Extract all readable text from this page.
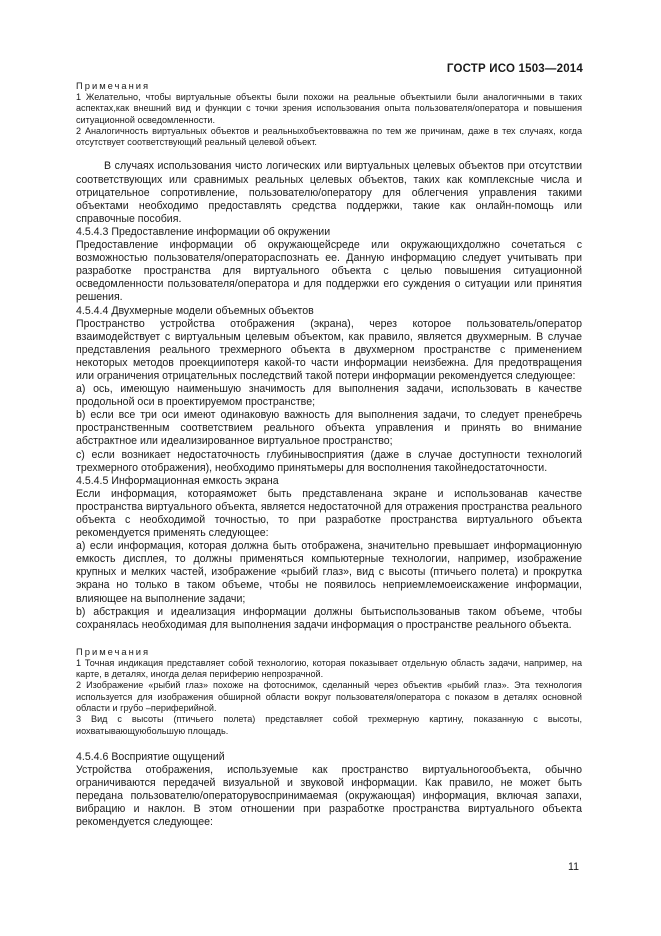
ГОСТР ИСО 1503—2014
Примечания

1 Желательно, чтобы виртуальные объекты были похожи на реальные объектыили были аналогичными в таких аспектах,как внешний вид и функции с точки зрения использования опыта пользователя/оператора и повышения ситуационной осведомленности.

2 Аналогичность виртуальных объектов и реальныхобъектовважна по тем же причинам, даже в тех случаях, когда отсутствует соответствующий реальный целевой объект.

В случаях использования чисто логических или виртуальных целевых объектов при отсутствии соответствующих или сравнимых реальных целевых объектов, таких как комплексные числа и отрицательное сопротивление, пользователю/оператору для облегчения управления такими объектами необходимо предоставлять средства поддержки, такие как онлайн-помощь или справочные пособия.

4.5.4.3 Предоставление информации об окружении

Предоставление информации об окружающейсреде или окружающихдолжно сочетаться с возможностью пользователя/оператораспознать ее. Данную информацию следует учитывать при разработке пространства для виртуального объекта с целью повышения ситуационной осведомленности пользователя/оператора и для поддержки его суждения о ситуации или принятия решения.

4.5.4.4 Двухмерные модели объемных объектов

Пространство устройства отображения (экрана), через которое пользователь/оператор взаимодействует с виртуальным целевым объектом, как правило, является двухмерным. В случае представления реального трехмерного объекта в двухмерном пространстве с применением некоторых методов проекциипотеря какой-то части информации неизбежна. Для предотвращения или ограничения отрицательных последствий такой потери информации рекомендуется следующее:

a) ось, имеющую наименьшую значимость для выполнения задачи, использовать в качестве продольной оси в проектируемом пространстве;

b) если все три оси имеют одинаковую важность для выполнения задачи, то следует пренебречь пространственным соответствием реального объекта управления и принять во внимание абстрактное или идеализированное виртуальное пространство;

c) если возникает недостаточность глубинывосприятия (даже в случае доступности технологий трехмерного отображения), необходимо принятьмеры для восполнения такойнедостаточности.

4.5.4.5 Информационная емкость экрана

Если информация, котораяможет быть представленана экране и использованав качестве пространства виртуального объекта, является недостаточной для отражения пространства реального объекта с необходимой точностью, то при разработке пространства виртуального объекта рекомендуется применять следующее:

a) если информация, которая должна быть отображена, значительно превышает информационную емкость дисплея, то должны применяться компьютерные технологии, например, изображение крупных и мелких частей, изображение «рыбий глаз», вид с высоты (птичьего полета) и прокрутка экрана но только в таком объеме, чтобы не появилось неприемлемоеискажение информации, влияющее на выполнение задачи;

b) абстракция и идеализация информации должны бытьиспользованыв таком объеме, чтобы сохранялась необходимая для выполнения задачи информация о пространстве реального объекта.

Примечания

1 Точная индикация представляет собой технологию, которая показывает отдельную область задачи, например, на карте, в деталях, иногда делая периферию непрозрачной.

2 Изображение «рыбий глаз» похоже на фотоснимок, сделанный через объектив «рыбий глаз». Эта технология используется для изображения обширной области вокруг пользователя/оператора с показом в деталях основной области и грубо –периферийной.

3 Вид с высоты (птичьего полета) представляет собой трехмерную картину, показанную с высоты, иохватывающуюбольшую площадь.

4.5.4.6 Восприятие ощущений

Устройства отображения, используемые как пространство виртуальногообъекта, обычно ограничиваются передачей визуальной и звуковой информации. Как правило, не может быть передана пользователю/операторувоспринимаемая (окружающая) информация, включая запахи, вибрацию и наклон. В этом отношении при разработке пространства виртуального объекта рекомендуется следующее:

11
